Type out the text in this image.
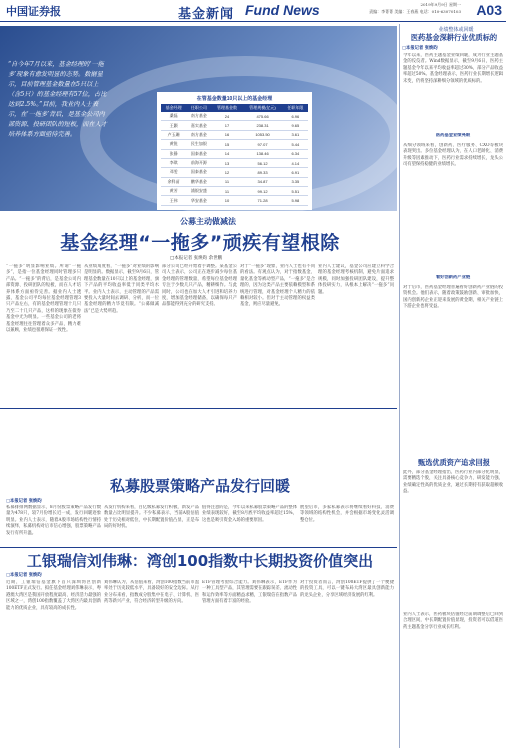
中国证券报	基金新闻 Fund News	2019年9月9日 星期一
责编：李菁菁 美编：王春燕 电话：010-63070103 A03
“自今年7月以来，基金经理的‘一拖多’现象有愈发明显的态势。数据显示，目前管理基金数量在5只以上（含5只）的基金经理有57位，占比达到2.5%。”目前，我业内人士表示，在‘一拖多’背后，是基金公司内部资源、投研团队的短板，而在人才培养体系方面亟待完善。
在管基金数量10只以上的基金经理
基金经理	任职公司	管理基金数	管理规模(亿元)	任职年限
桑磊	南方基金	24	475.66	6.96
王颢	嘉实基金	17	238.31	9.65
卢玉珊	南方基金	16	1053.50	3.61
黄锐	民生加银	15	97.07	5.44
张静	国泰基金	14	138.46	6.34
李琪	前海开源	13	56.12	4.14
邓雯	国泰基金	12	89.33	6.91
余科苗	鹏华基金	11	34.87	3.35
黄芳	浦银安盛	11	99.12	5.51
王伟	华安基金	10	71.28	5.98
公募主动做减法
基金经理“一拖多”顽疾有望根除
□本报记者 张焕昀 余世鹏
“一拖多”明显影响业绩。所谓“一拖多”，是指一位基金经理同时管理多只产品。“一拖多”的背后，是基金公司内部资源、投研团队的短板，而在人才培养体系方面亟待完善。据业内人士透露，基金公司平均每位基金经理管理3只产品左右，有的基金经理管理十几只乃至二十几只产品，这样的现象在债券基金中尤为明显。一些基金公司的老将基金经理往往管理着众多产品，精力难以兼顾，业绩也很难保证一致性。
从业绩角度看，“一拖多”对业绩的影响是明显的。数据显示，截至9月6日，管理基金数量在10只以上的基金经理，旗下产品的平均收益率低于同类平均水平。业内人士表示，主动管理的产品需要投入大量时间去调研、分析，而一位基金经理的精力毕竟有限。“公募做减法”已是大势所趋。
部分公司已经开始着手调整。某基金公司人士表示，公司正在逐步减少每位基金经理的管理数量，希望每位基金经理专注于少数几只产品，精耕细作。与此同时，公司也在加大人才引进和培养力度，增加基金经理储备，以确保每只产品都能得到充分的研究支持。
对于“一拖多”现象，业内人士也有不同的看法。有观点认为，对于指数基金、量化基金等被动型产品，“一拖多”是合理的，因为这类产品主要依赖模型和系统进行管理，对基金经理个人精力的依赖相对较小。但对于主动管理的权益类基金，则应尽量避免。
业内人士建议，基金公司应建立科学合理的基金经理考核机制，避免片面追求规模，同时加强投研团队建设，提升整体投研实力，从根本上解决“一拖多”问题。
私募股票策略产品发行回暖
□本报记者 张焕昀
私募排排网数据显示，8月份股票策略产品发行数量为478只，较7月份增长近一成，发行回暖迹象明显。业内人士表示，随着A股市场结构性行情持续演绎，私募机构对后市信心增强，股票策略产品发行有所升温。
从发行机构来看，百亿级私募发行积极，新发产品数量占比明显提升。不少私募表示，当前A股估值处于历史相对低位，中长期配置价值凸显，正是布局的好时机。
值得注意的是，今年以来私募股票策略产品的整体业绩表现较好，截至8月底平均收益率超过15%，这也是吸引资金入场的重要原因。
展望后市，多家私募表示将继续看好科技、消费等领域的结构性机会，并会根据市场变化灵活调整仓位。
工银瑞信刘伟琳：湾创100指数中长期投资价值突出
□本报记者 张焕昀
近期，工银瑞信基金旗下首只深圳湾区创新100ETF正式发行。拟任基金经理刘伟琳表示，粤港澳大湾区是我国开放程度最高、经济活力最强的区域之一，湾创100指数覆盖了大湾区内最具创新能力的优质企业，具有较高的成长性。
刘伟琳认为，从估值来看，湾创100指数当前市盈率处于历史较低水平，具备较好的安全边际。从行业分布来看，指数成分股集中在电子、计算机、医药等新兴产业，符合经济转型升级的方向。
ETF管理考验综合能力。刘伟琳表示，ETF作为一种工具型产品，其管理需要在跟踪误差、流动性和运作效率等方面精益求精，工银瑞信在指数产品管理方面有着丰富的经验。
对于投资者而言，湾创100ETF提供了一个便捷的投资工具，可以一键布局大湾区最具创新能力的龙头企业，分享区域经济发展的红利。
业绩整体或回暖
医药基金深耕行业优质标的
□本报记者 张焕昀
今年以来，医药主题基金业绩回暖，成为行业主题基金的佼佼者。Wind数据显示，截至9月6日，医药主题基金今年以来平均收益率超过30%，部分产品收益率超过50%。基金经理表示，医药行业长期增长逻辑未变，仍将坚持深耕细分领域的优质标的。
医药基金业绩亮眼
从细分领域来看，创新药、医疗服务、CXO等板块表现突出。多位基金经理认为，在人口老龄化、消费升级等因素推动下，医药行业需求持续增长，龙头公司有望保持稳健的业绩增长。
看好创新药产业链
对于后市，医药基金经理普遍看好创新药产业链的投资机会。他们表示，随着政策鼓励创新、审批加快，国内创新药企业正迎来发展的黄金期，相关产业链上下游企业也将受益。
甄选优质资产追求回报
此外，部分基金经理指出，医药行业内部分化明显，需要精选个股，关注具备核心竞争力、研发能力强、业绩确定性高的优质企业，通过长期持有获取超额收益。
业内人士表示，医药板块估值经过前期调整后已回到合理区间，中长期配置价值显现，投资者可以借道医药主题基金分享行业成长红利。
